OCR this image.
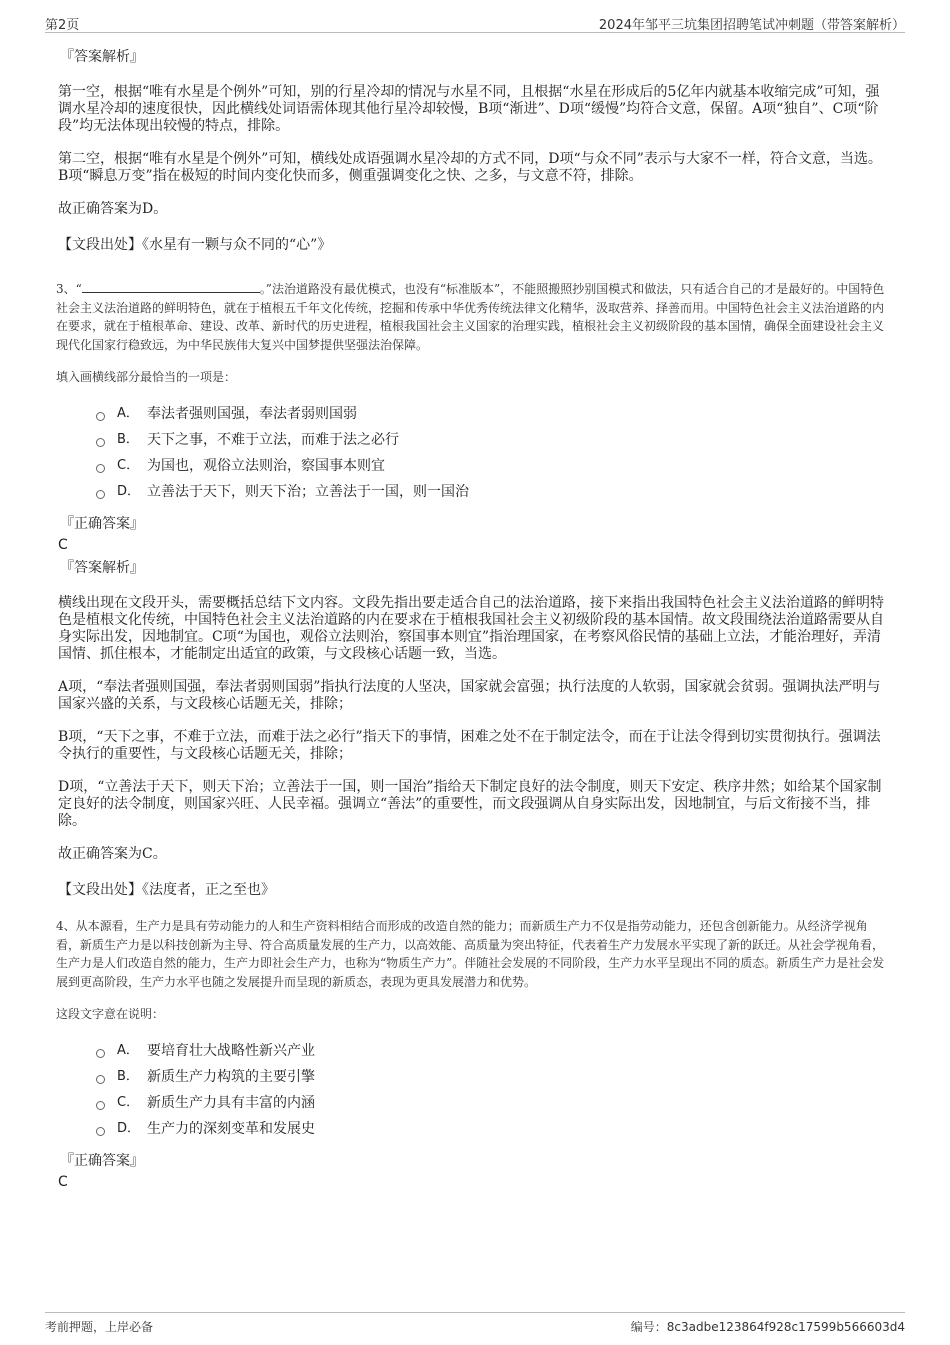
第2页	2024年邹平三坑集团招聘笔试冲刺题（带答案解析）
『答案解析』

第一空，根据“唯有水星是个例外”可知，别的行星冷却的情况与水星不同，且根据“水星在形成后的5亿年内就基本收缩完成”可知，强调水星冷却的速度很快，因此横线处词语需体现其他行星冷却较慢，B项“渐进”、D项“缓慢”均符合文意，保留。A项“独自”、C项“阶段”均无法体现出较慢的特点，排除。

第二空，根据“唯有水星是个例外”可知，横线处成语强调水星冷却的方式不同，D项“与众不同”表示与大家不一样，符合文意，当选。B项“瞬息万变”指在极短的时间内变化快而多，侧重强调变化之快、之多，与文意不符，排除。

故正确答案为D。

【文段出处】《水星有一颗与众不同的“心”》

3、“	。”法治道路没有最优模式，也没有“标准版本”，不能照搬照抄别国模式和做法，只有适合自己的才是最好的。中国特色社会主义法治道路的鲜明特色，就在于植根五千年文化传统，挖掘和传承中华优秀传统法律文化精华，汲取营养、择善而用。中国特色社会主义法治道路的内在要求，就在于植根革命、建设、改革、新时代的历史进程，植根我国社会主义国家的治理实践，植根社会主义初级阶段的基本国情，确保全面建设社会主义现代化国家行稳致远，为中华民族伟大复兴中国梦提供坚强法治保障。

填入画横线部分最恰当的一项是：

A． 奉法者强则国强，奉法者弱则国弱
B． 天下之事，不难于立法，而难于法之必行
C． 为国也，观俗立法则治，察国事本则宜
D． 立善法于天下，则天下治；立善法于一国，则一国治
『正确答案』
C
『答案解析』

横线出现在文段开头，需要概括总结下文内容。文段先指出要走适合自己的法治道路，接下来指出我国特色社会主义法治道路的鲜明特色是植根文化传统，中国特色社会主义法治道路的内在要求在于植根我国社会主义初级阶段的基本国情。故文段围绕法治道路需要从自身实际出发，因地制宜。C项“为国也，观俗立法则治，察国事本则宜”指治理国家，在考察风俗民情的基础上立法，才能治理好，弄清国情、抓住根本，才能制定出适宜的政策，与文段核心话题一致，当选。

A项，“奉法者强则国强，奉法者弱则国弱”指执行法度的人坚决，国家就会富强；执行法度的人软弱，国家就会贫弱。强调执法严明与国家兴盛的关系，与文段核心话题无关，排除；

B项，“天下之事，不难于立法，而难于法之必行”指天下的事情，困难之处不在于制定法令，而在于让法令得到切实贯彻执行。强调法令执行的重要性，与文段核心话题无关，排除；

D项，“立善法于天下，则天下治；立善法于一国，则一国治”指给天下制定良好的法令制度，则天下安定、秩序井然；如给某个国家制定良好的法令制度，则国家兴旺、人民幸福。强调立“善法”的重要性，而文段强调从自身实际出发，因地制宜，与后文衔接不当，排除。

故正确答案为C。

【文段出处】《法度者，正之至也》

4、从本源看，生产力是具有劳动能力的人和生产资料相结合而形成的改造自然的能力；而新质生产力不仅是指劳动能力，还包含创新能力。从经济学视角看，新质生产力是以科技创新为主导、符合高质量发展的生产力，以高效能、高质量为突出特征，代表着生产力发展水平实现了新的跃迁。从社会学视角看，生产力是人们改造自然的能力，生产力即社会生产力，也称为“物质生产力”。伴随社会发展的不同阶段，生产力水平呈现出不同的质态。新质生产力是社会发展到更高阶段，生产力水平也随之发展提升而呈现的新质态，表现为更具发展潜力和优势。

这段文字意在说明：

A． 要培育壮大战略性新兴产业
B． 新质生产力构筑的主要引擎
C． 新质生产力具有丰富的内涵
D． 生产力的深刻变革和发展史
『正确答案』
C
考前押题，上岸必备	编号：8c3adbe123864f928c17599b566603d4
